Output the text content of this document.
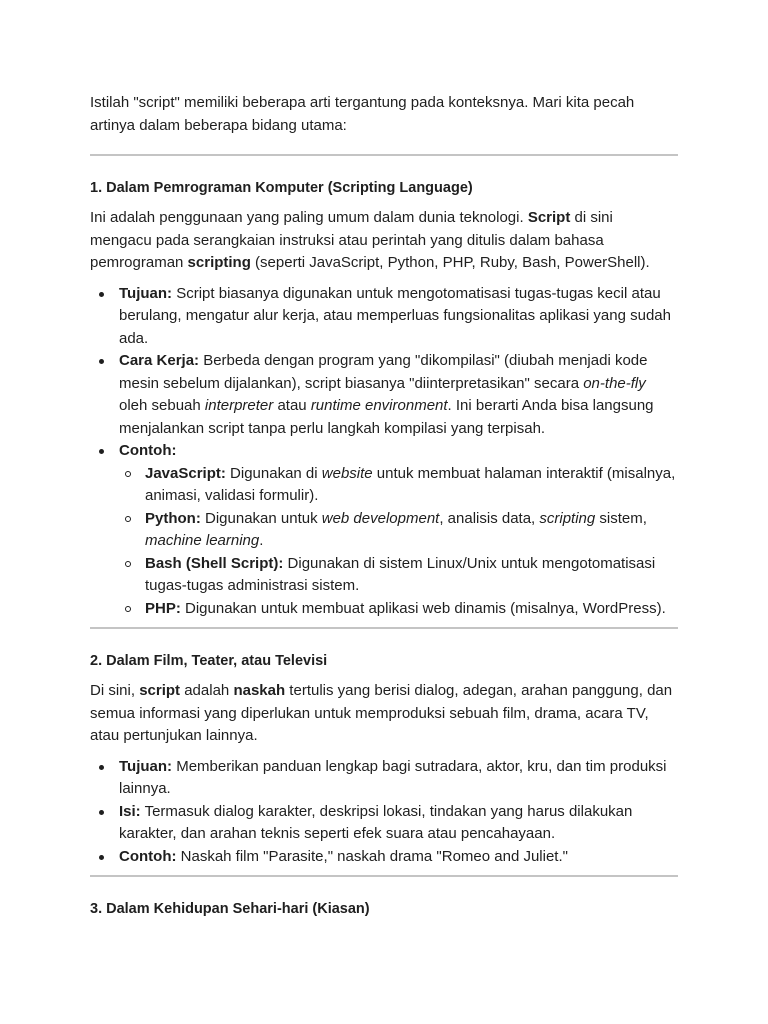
Istilah "script" memiliki beberapa arti tergantung pada konteksnya. Mari kita pecah artinya dalam beberapa bidang utama:

1. Dalam Pemrograman Komputer (Scripting Language)

Ini adalah penggunaan yang paling umum dalam dunia teknologi. Script di sini mengacu pada serangkaian instruksi atau perintah yang ditulis dalam bahasa pemrograman scripting (seperti JavaScript, Python, PHP, Ruby, Bash, PowerShell).

Tujuan: Script biasanya digunakan untuk mengotomatisasi tugas-tugas kecil atau berulang, mengatur alur kerja, atau memperluas fungsionalitas aplikasi yang sudah ada.
Cara Kerja: Berbeda dengan program yang "dikompilasi" (diubah menjadi kode mesin sebelum dijalankan), script biasanya "diinterpretasikan" secara on-the-fly oleh sebuah interpreter atau runtime environment. Ini berarti Anda bisa langsung menjalankan script tanpa perlu langkah kompilasi yang terpisah.
Contoh:
JavaScript: Digunakan di website untuk membuat halaman interaktif (misalnya, animasi, validasi formulir).
Python: Digunakan untuk web development, analisis data, scripting sistem, machine learning.
Bash (Shell Script): Digunakan di sistem Linux/Unix untuk mengotomatisasi tugas-tugas administrasi sistem.
PHP: Digunakan untuk membuat aplikasi web dinamis (misalnya, WordPress).
2. Dalam Film, Teater, atau Televisi

Di sini, script adalah naskah tertulis yang berisi dialog, adegan, arahan panggung, dan semua informasi yang diperlukan untuk memproduksi sebuah film, drama, acara TV, atau pertunjukan lainnya.

Tujuan: Memberikan panduan lengkap bagi sutradara, aktor, kru, dan tim produksi lainnya.
Isi: Termasuk dialog karakter, deskripsi lokasi, tindakan yang harus dilakukan karakter, dan arahan teknis seperti efek suara atau pencahayaan.
Contoh: Naskah film "Parasite," naskah drama "Romeo and Juliet."
3. Dalam Kehidupan Sehari-hari (Kiasan)
